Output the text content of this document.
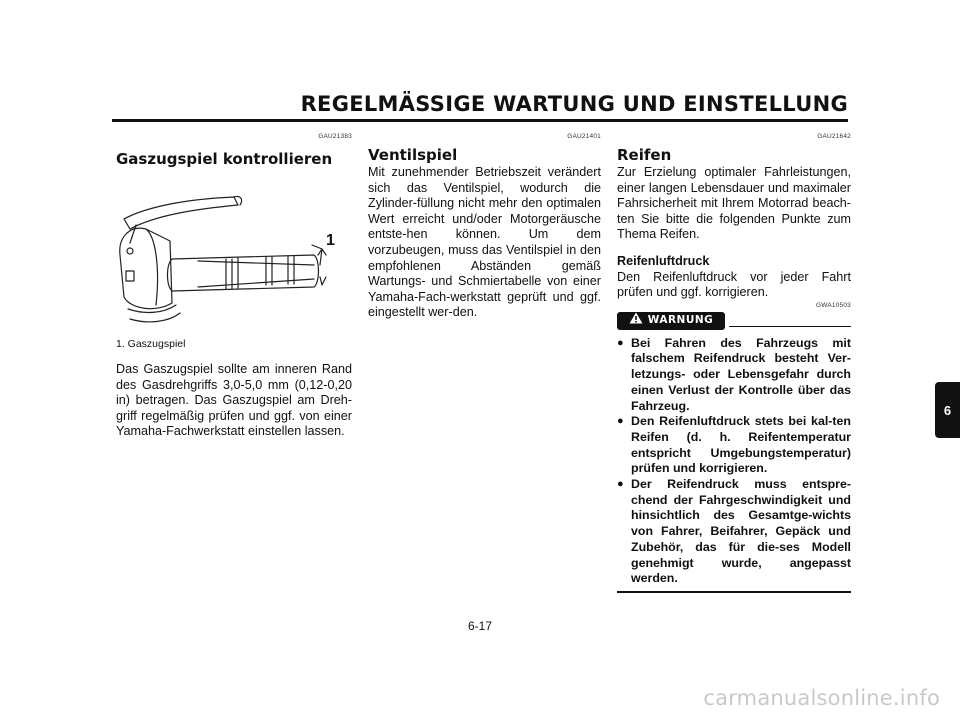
REGELMÄSSIGE WARTUNG UND EINSTELLUNG
GAU21383
Gaszugspiel kontrollieren
1
1. Gaszugspiel

Das Gaszugspiel sollte am inneren Rand des Gasdrehgriffs 3,0-5,0 mm (0,12-0,20 in) betragen. Das Gaszugspiel am Dreh-griff regelmäßig prüfen und ggf. von einer Yamaha-Fachwerkstatt einstellen lassen.

GAU21401
Ventilspiel

Mit zunehmender Betriebszeit verändert sich das Ventilspiel, wodurch die Zylinder-füllung nicht mehr den optimalen Wert erreicht und/oder Motorgeräusche entste-hen können. Um dem vorzubeugen, muss das Ventilspiel in den empfohlenen Abständen gemäß Wartungs- und Schmiertabelle von einer Yamaha-Fach-werkstatt geprüft und ggf. eingestellt wer-den.

GAU21642
Reifen

Zur Erzielung optimaler Fahrleistungen, einer langen Lebensdauer und maximaler Fahrsicherheit mit Ihrem Motorrad beach-ten Sie bitte die folgenden Punkte zum Thema Reifen.

Reifenluftdruck

Den Reifenluftdruck vor jeder Fahrt prüfen und ggf. korrigieren.

GWA10503
WARNUNG
● Bei Fahren des Fahrzeugs mit falschem Reifendruck besteht Ver-letzungs- oder Lebensgefahr durch einen Verlust der Kontrolle über das Fahrzeug.
● Den Reifenluftdruck stets bei kal-ten Reifen (d. h. Reifentemperatur entspricht Umgebungstemperatur) prüfen und korrigieren.
● Der Reifendruck muss entspre-chend der Fahrgeschwindigkeit und hinsichtlich des Gesamtge-wichts von Fahrer, Beifahrer, Gepäck und Zubehör, das für die-ses Modell genehmigt wurde, angepasst werden.
6-17
6
carmanualsonline.info
